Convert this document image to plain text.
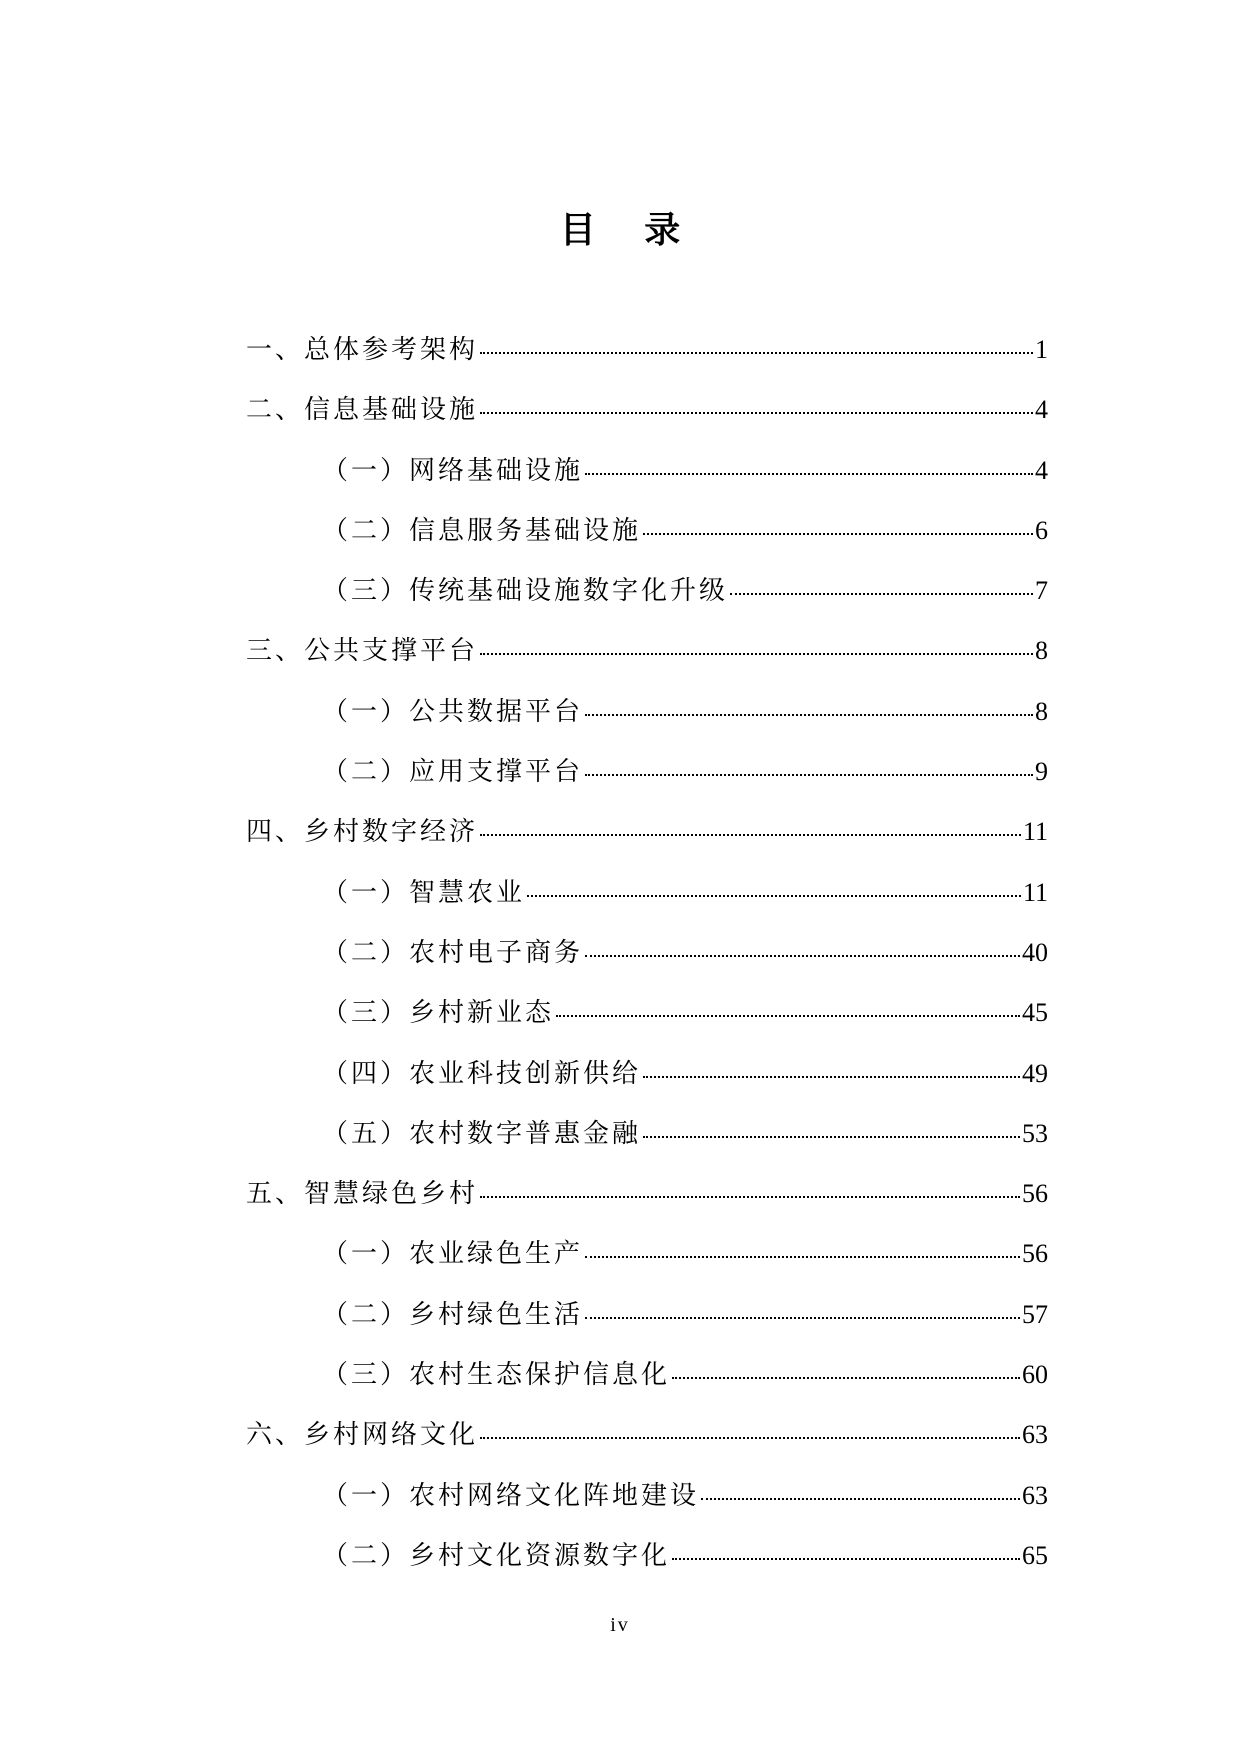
目 录
一、总体参考架构	1
二、信息基础设施	4
（一）网络基础设施	4
（二）信息服务基础设施	6
（三）传统基础设施数字化升级	7
三、公共支撑平台	8
（一）公共数据平台	8
（二）应用支撑平台	9
四、乡村数字经济	11
（一）智慧农业	11
（二）农村电子商务	40
（三）乡村新业态	45
（四）农业科技创新供给	49
（五）农村数字普惠金融	53
五、智慧绿色乡村	56
（一）农业绿色生产	56
（二）乡村绿色生活	57
（三）农村生态保护信息化	60
六、乡村网络文化	63
（一）农村网络文化阵地建设	63
（二）乡村文化资源数字化	65
iv
